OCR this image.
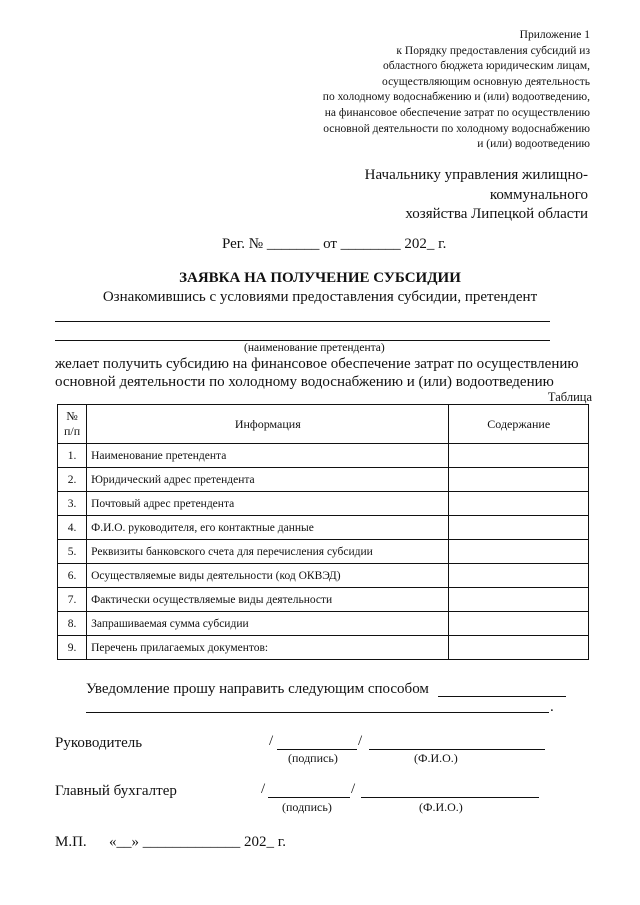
Приложение 1
к Порядку предоставления субсидий из
областного бюджета юридическим лицам,
осуществляющим основную деятельность
по холодному водоснабжению и (или) водоотведению,
на финансовое обеспечение затрат по осуществлению
основной деятельности по холодному водоснабжению
и (или) водоотведению
Начальнику управления жилищно-
коммунального
хозяйства Липецкой области
Рег. № _______ от ________ 202_ г.
ЗАЯВКА НА ПОЛУЧЕНИЕ СУБСИДИИ
Ознакомившись с условиями предоставления субсидии, претендент
(наименование претендента)
желает получить субсидию на финансовое обеспечение затрат по осуществлению
основной деятельности по холодному водоснабжению и (или) водоотведению
Таблица
№
п/п	Информация	Содержание
1.	Наименование претендента	
2.	Юридический адрес претендента	
3.	Почтовый адрес претендента	
4.	Ф.И.О. руководителя, его контактные данные	
5.	Реквизиты банковского счета для перечисления субсидии	
6.	Осуществляемые виды деятельности (код ОКВЭД)	
7.	Фактически осуществляемые виды деятельности	
8.	Запрашиваемая сумма субсидии	
9.	Перечень прилагаемых документов:	
Уведомление прошу направить следующим способом
.
Руководитель	/	/
(подпись)	(Ф.И.О.)
Главный бухгалтер	/	/
(подпись)	(Ф.И.О.)
М.П. «__» _____________ 202_ г.
